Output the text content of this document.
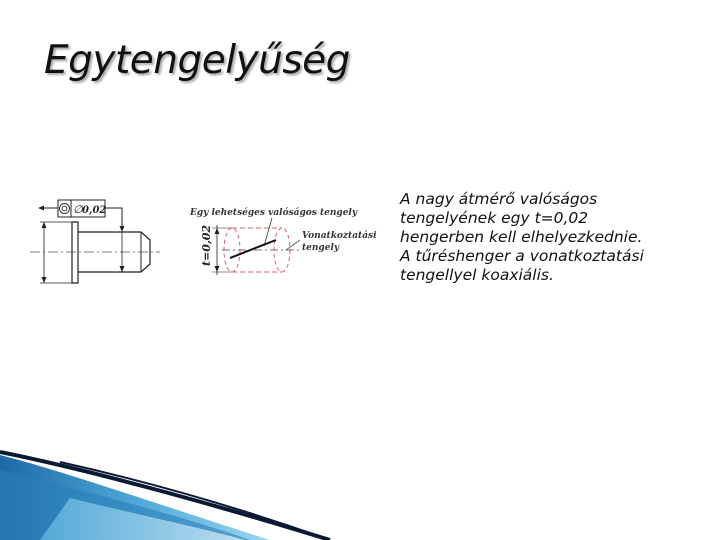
Egytengelyűség
∅ 0,02	Egy lehetséges valóságos tengely
t=0,02	Vonatkoztatási
tengely
A nagy átmérő valóságos
tengelyének egy t=0,02
hengerben kell elhelyezkednie.
A tűréshenger a vonatkoztatási
tengellyel koaxiális.
